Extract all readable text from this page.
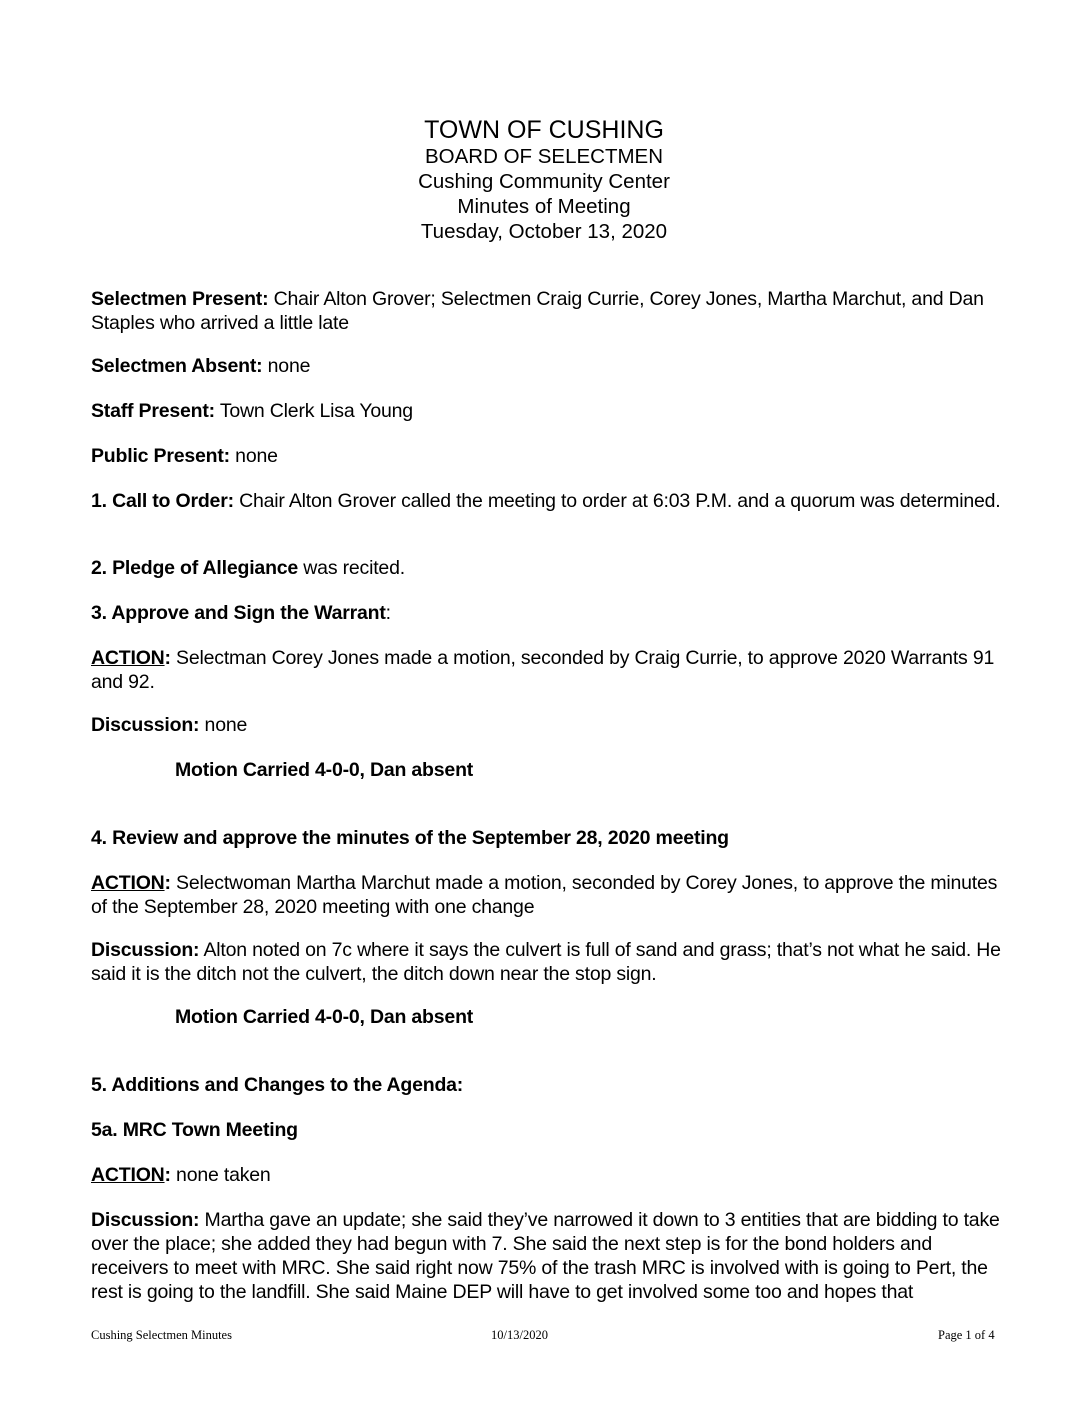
TOWN OF CUSHING
BOARD OF SELECTMEN
Cushing Community Center
Minutes of Meeting
Tuesday, October 13, 2020
Selectmen Present: Chair Alton Grover; Selectmen Craig Currie, Corey Jones, Martha Marchut, and Dan Staples who arrived a little late
Selectmen Absent: none
Staff Present: Town Clerk Lisa Young
Public Present: none
1. Call to Order: Chair Alton Grover called the meeting to order at 6:03 P.M. and a quorum was determined.
2. Pledge of Allegiance was recited.
3. Approve and Sign the Warrant:
ACTION: Selectman Corey Jones made a motion, seconded by Craig Currie, to approve 2020 Warrants 91 and 92.
Discussion: none
Motion Carried 4-0-0, Dan absent
4. Review and approve the minutes of the September 28, 2020 meeting
ACTION: Selectwoman Martha Marchut made a motion, seconded by Corey Jones, to approve the minutes of the September 28, 2020 meeting with one change
Discussion: Alton noted on 7c where it says the culvert is full of sand and grass; that’s not what he said. He said it is the ditch not the culvert, the ditch down near the stop sign.
Motion Carried 4-0-0, Dan absent
5. Additions and Changes to the Agenda:
5a. MRC Town Meeting
ACTION: none taken
Discussion: Martha gave an update; she said they’ve narrowed it down to 3 entities that are bidding to take over the place; she added they had begun with 7. She said the next step is for the bond holders and receivers to meet with MRC. She said right now 75% of the trash MRC is involved with is going to Pert, the rest is going to the landfill. She said Maine DEP will have to get involved some too and hopes that
Cushing Selectmen Minutes	10/13/2020	Page 1 of 4
